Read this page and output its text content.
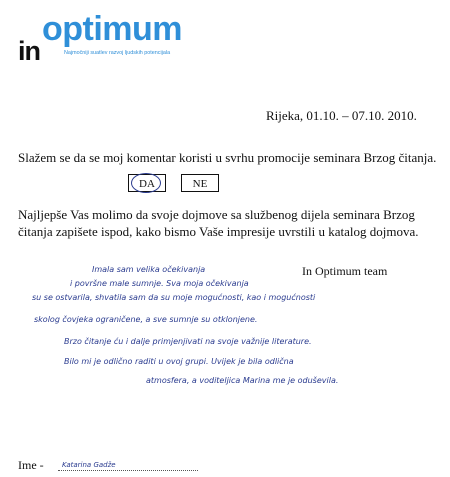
in
optimum
Najmočniji suatlev razvoj ljudskih potencijala
Rijeka, 01.10. – 07.10. 2010.
Slažem se da se moj komentar koristi u svrhu promocije seminara Brzog čitanja.
DA	NE
Najljepše Vas molimo da svoje dojmove sa službenog dijela seminara Brzog čitanja zapišete ispod, kako bismo Vaše impresije uvrstili u katalog dojmova.
In Optimum team
Imala sam velika očekivanja
i površne male sumnje. Sva moja očekivanja
su se ostvarila, shvatila sam da su moje mogućnosti, kao i mogućnosti
skolog čovjeka ograničene, a sve sumnje su otklonjene.
Brzo čitanje ću i dalje primjenjivati na svoje važnije literature.
Bilo mi je odlično raditi u ovoj grupi. Uvijek je bila odlična
atmosfera, a voditeljica Marina me je oduševila.
Ime -	Katarina Gadže
